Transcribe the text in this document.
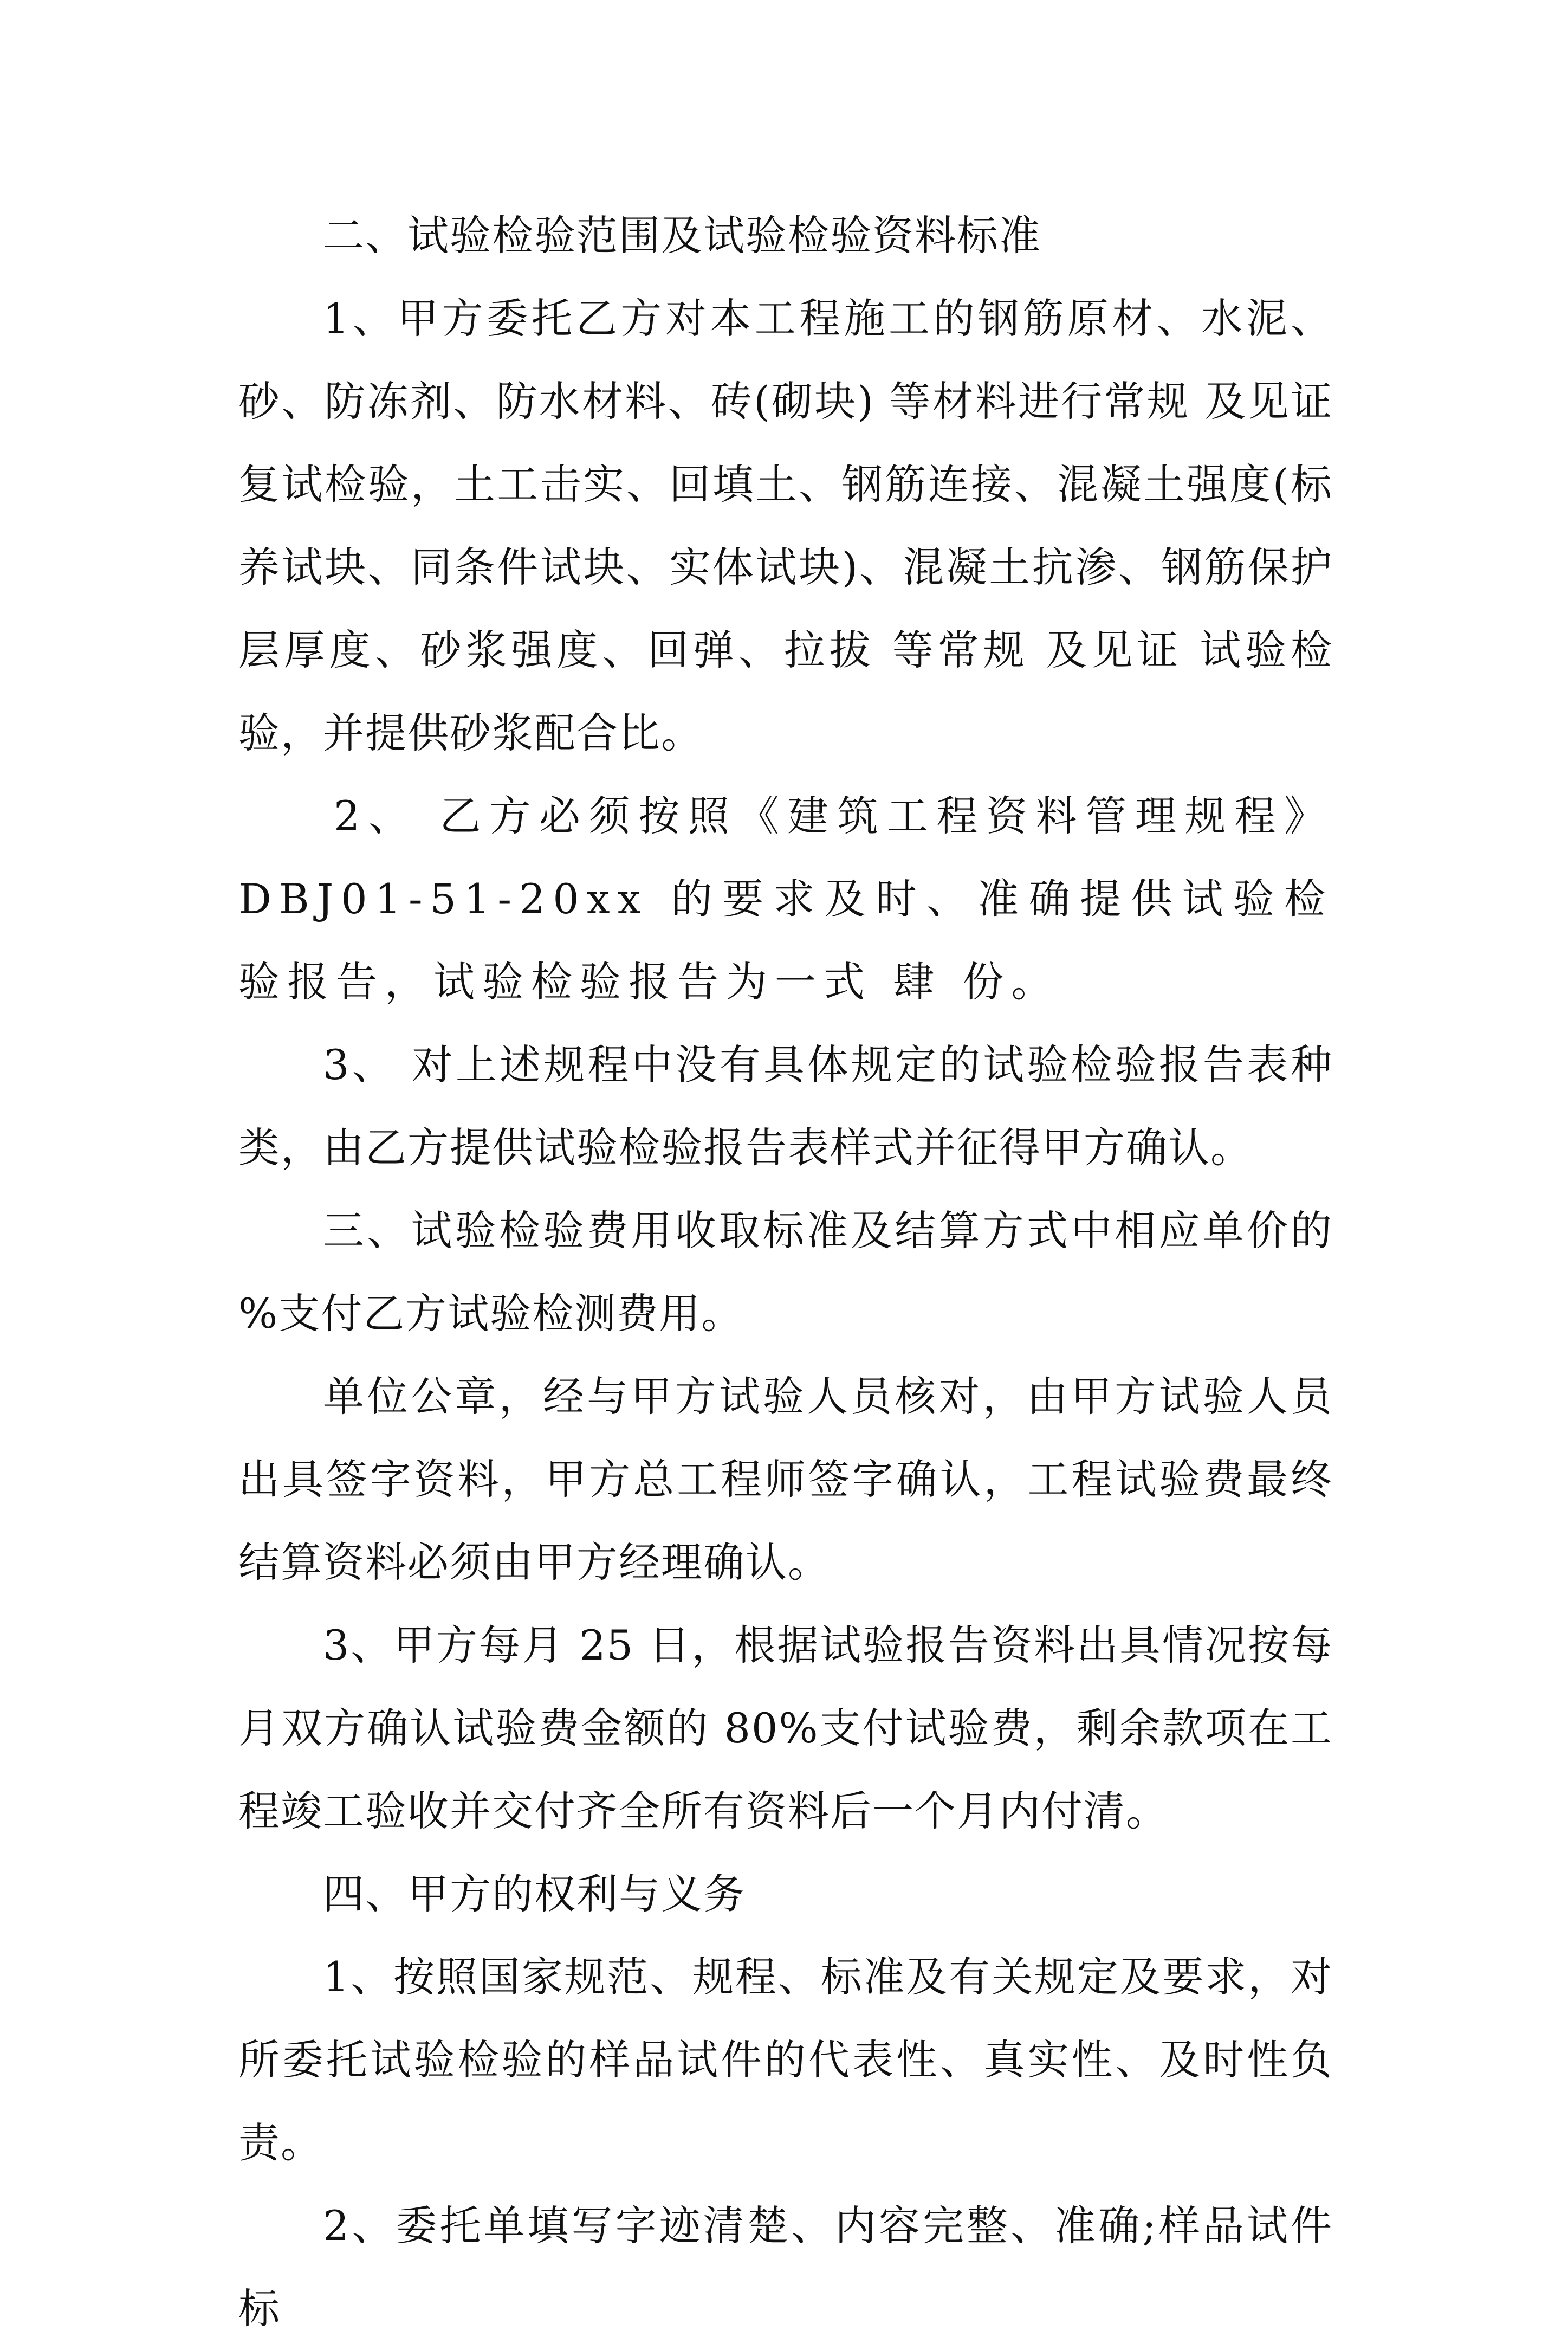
二、试验检验范围及试验检验资料标准

1、甲方委托乙方对本工程施工的钢筋原材、水泥、砂、防冻剂、防水材料、砖(砌块) 等材料进行常规 及见证 复试检验，土工击实、回填土、钢筋连接、混凝土强度(标养试块、同条件试块、实体试块)、混凝土抗渗、钢筋保护层厚度、砂浆强度、回弹、拉拔 等常规 及见证 试验检验，并提供砂浆配合比。

2、 乙方必须按照《建筑工程资料管理规程》DBJ01-51-20xx 的要求及时、准确提供试验检验报告，试验检验报告为一式 肆 份。

3、 对上述规程中没有具体规定的试验检验报告表种类，由乙方提供试验检验报告表样式并征得甲方确认。

三、试验检验费用收取标准及结算方式中相应单价的 %支付乙方试验检测费用。

单位公章，经与甲方试验人员核对，由甲方试验人员出具签字资料，甲方总工程师签字确认，工程试验费最终结算资料必须由甲方经理确认。

3、甲方每月 25 日，根据试验报告资料出具情况按每月双方确认试验费金额的 80%支付试验费，剩余款项在工程竣工验收并交付齐全所有资料后一个月内付清。

四、甲方的权利与义务

1、按照国家规范、规程、标准及有关规定及要求，对所委托试验检验的样品试件的代表性、真实性、及时性负责。

2、委托单填写字迹清楚、内容完整、准确;样品试件标
